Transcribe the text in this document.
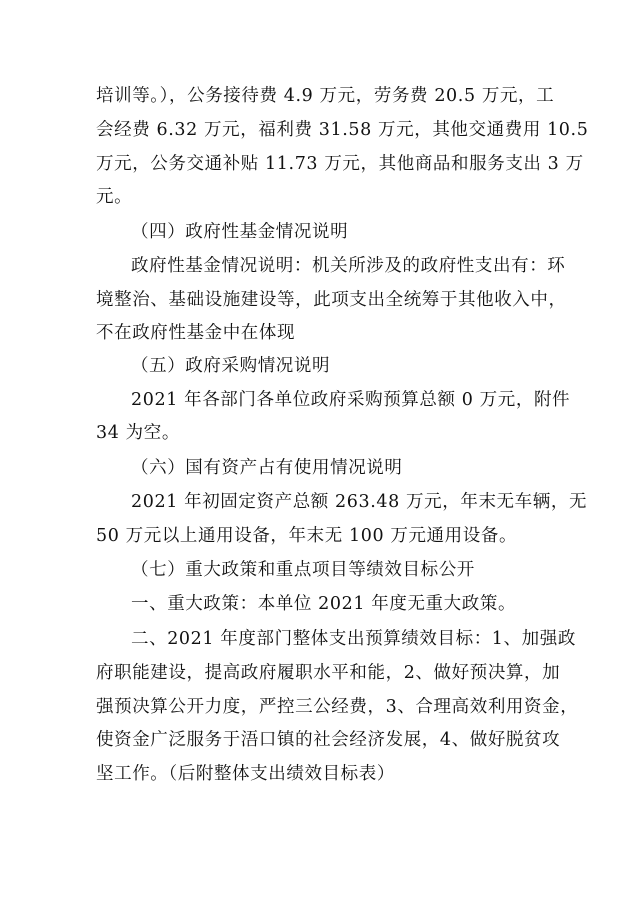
培训等。），公务接待费 4.9 万元，劳务费 20.5 万元，工
会经费 6.32 万元，福利费 31.58 万元，其他交通费用 10.5
万元，公务交通补贴 11.73 万元，其他商品和服务支出 3 万
元。
（四）政府性基金情况说明
政府性基金情况说明：机关所涉及的政府性支出有：环
境整治、基础设施建设等，此项支出全统筹于其他收入中，
不在政府性基金中在体现
（五）政府采购情况说明
2021 年各部门各单位政府采购预算总额 0 万元，附件
34 为空。
（六）国有资产占有使用情况说明
2021 年初固定资产总额 263.48 万元，年末无车辆，无
50 万元以上通用设备，年末无 100 万元通用设备。
（七）重大政策和重点项目等绩效目标公开
一、重大政策：本单位 2021 年度无重大政策。
二、2021 年度部门整体支出预算绩效目标：1、加强政
府职能建设，提高政府履职水平和能，2、做好预决算，加
强预决算公开力度，严控三公经费，3、合理高效利用资金，
使资金广泛服务于浯口镇的社会经济发展，4、做好脱贫攻
坚工作。（后附整体支出绩效目标表）
